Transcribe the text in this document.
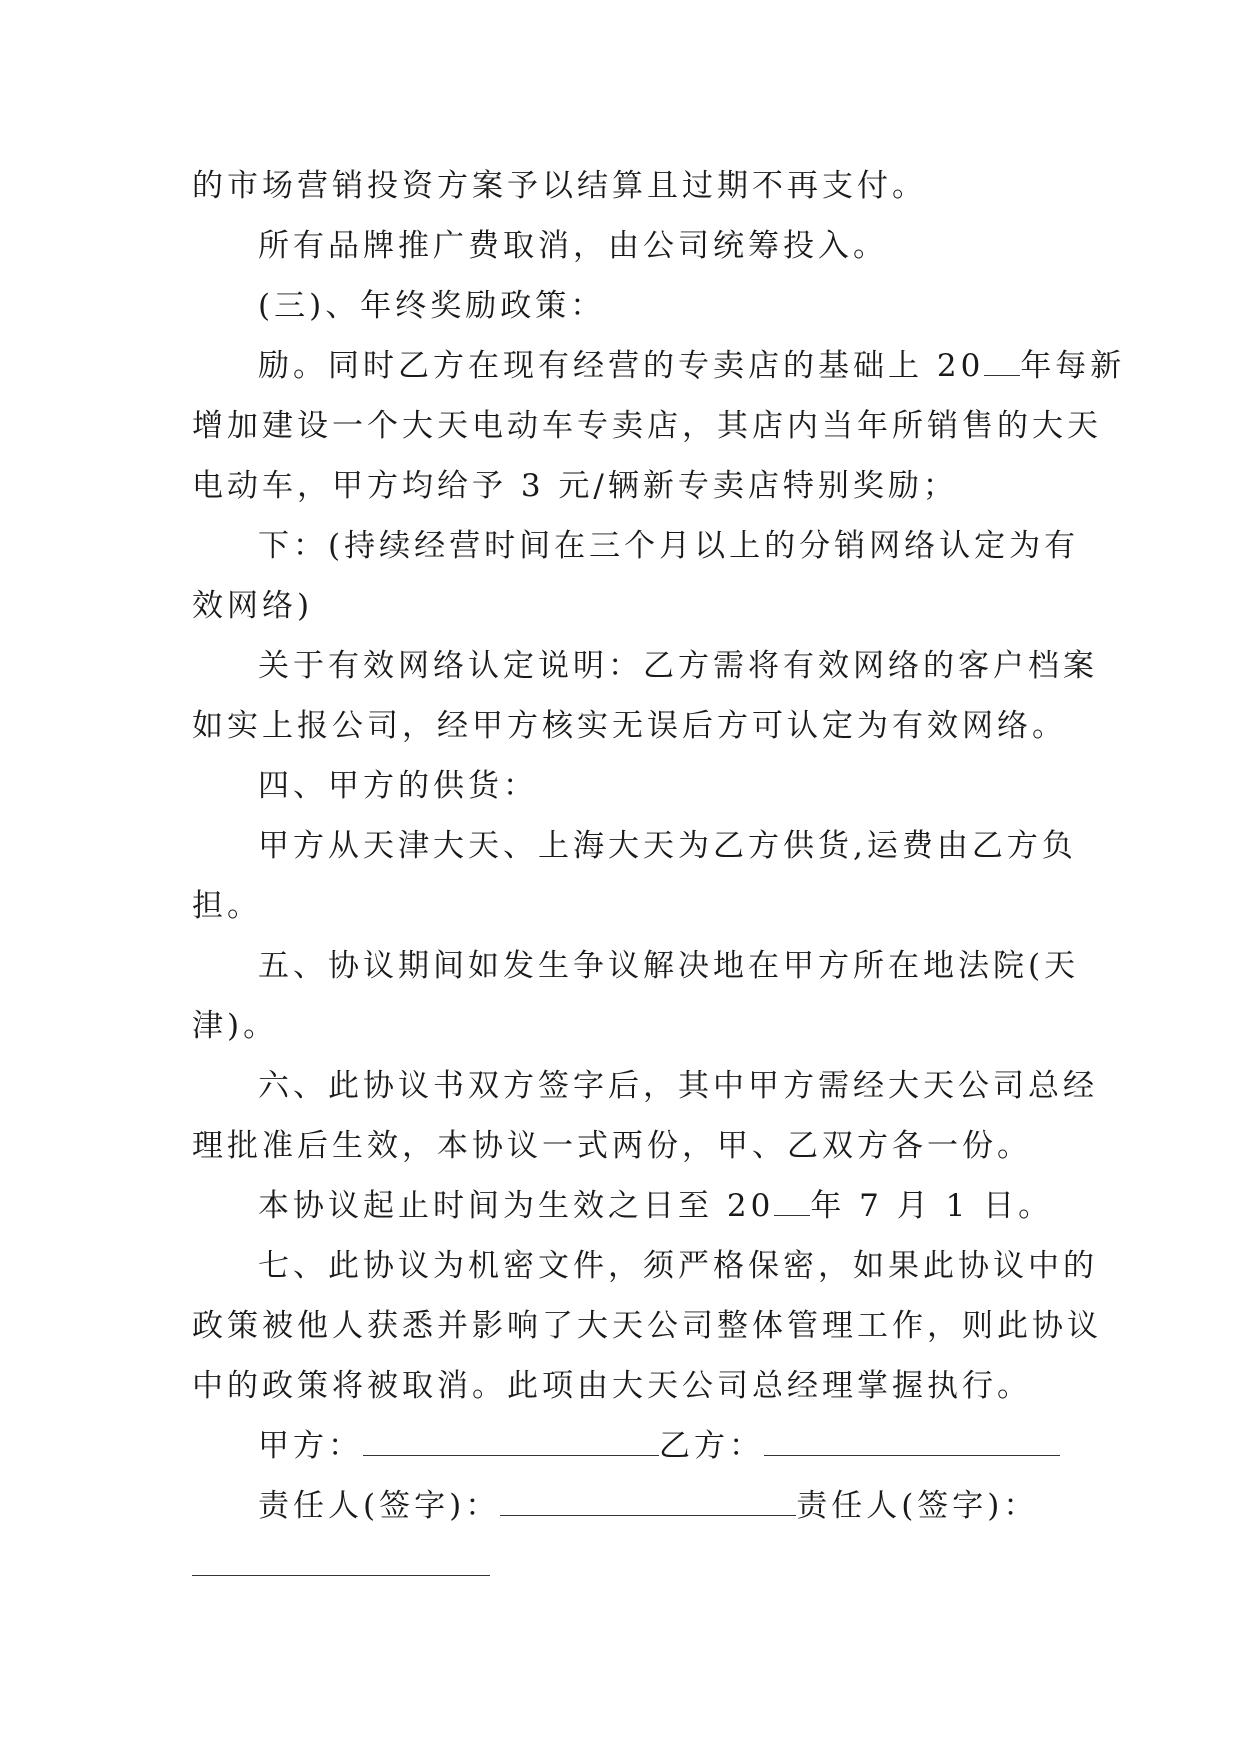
的市场营销投资方案予以结算且过期不再支付。
所有品牌推广费取消，由公司统筹投入。
(三)、年终奖励政策：
励。同时乙方在现有经营的专卖店的基础上 20 年每新
增加建设一个大天电动车专卖店，其店内当年所销售的大天
电动车，甲方均给予 3 元/辆新专卖店特别奖励；
下：(持续经营时间在三个月以上的分销网络认定为有
效网络)
关于有效网络认定说明：乙方需将有效网络的客户档案
如实上报公司，经甲方核实无误后方可认定为有效网络。
四、甲方的供货：
甲方从天津大天、上海大天为乙方供货,运费由乙方负
担。
五、协议期间如发生争议解决地在甲方所在地法院(天
津)。
六、此协议书双方签字后，其中甲方需经大天公司总经
理批准后生效，本协议一式两份，甲、乙双方各一份。
本协议起止时间为生效之日至 20 年 7 月 1 日。
七、此协议为机密文件，须严格保密，如果此协议中的
政策被他人获悉并影响了大天公司整体管理工作，则此协议
中的政策将被取消。此项由大天公司总经理掌握执行。
甲方：	乙方：
责任人(签字)：	责任人(签字)：
